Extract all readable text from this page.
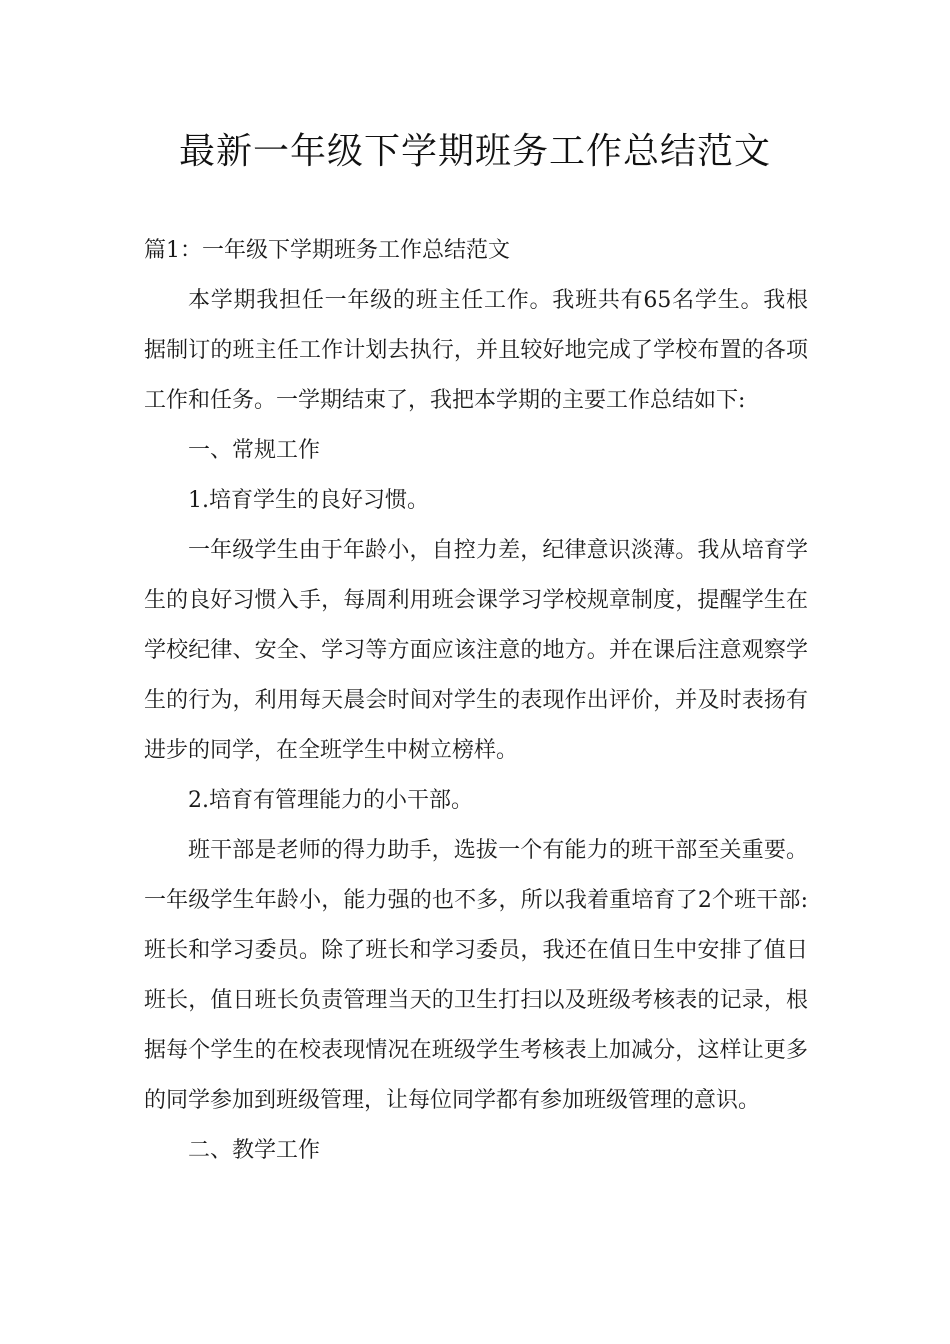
最新一年级下学期班务工作总结范文

篇1：一年级下学期班务工作总结范文

本学期我担任一年级的班主任工作。我班共有65名学生。我根据制订的班主任工作计划去执行，并且较好地完成了学校布置的各项工作和任务。一学期结束了，我把本学期的主要工作总结如下:

一、常规工作

1.培育学生的良好习惯。

一年级学生由于年龄小，自控力差，纪律意识淡薄。我从培育学生的良好习惯入手，每周利用班会课学习学校规章制度，提醒学生在学校纪律、安全、学习等方面应该注意的地方。并在课后注意观察学生的行为，利用每天晨会时间对学生的表现作出评价，并及时表扬有进步的同学，在全班学生中树立榜样。

2.培育有管理能力的小干部。

班干部是老师的得力助手，选拔一个有能力的班干部至关重要。一年级学生年龄小，能力强的也不多，所以我着重培育了2个班干部:班长和学习委员。除了班长和学习委员，我还在值日生中安排了值日班长，值日班长负责管理当天的卫生打扫以及班级考核表的记录，根据每个学生的在校表现情况在班级学生考核表上加减分，这样让更多的同学参加到班级管理，让每位同学都有参加班级管理的意识。

二、教学工作
